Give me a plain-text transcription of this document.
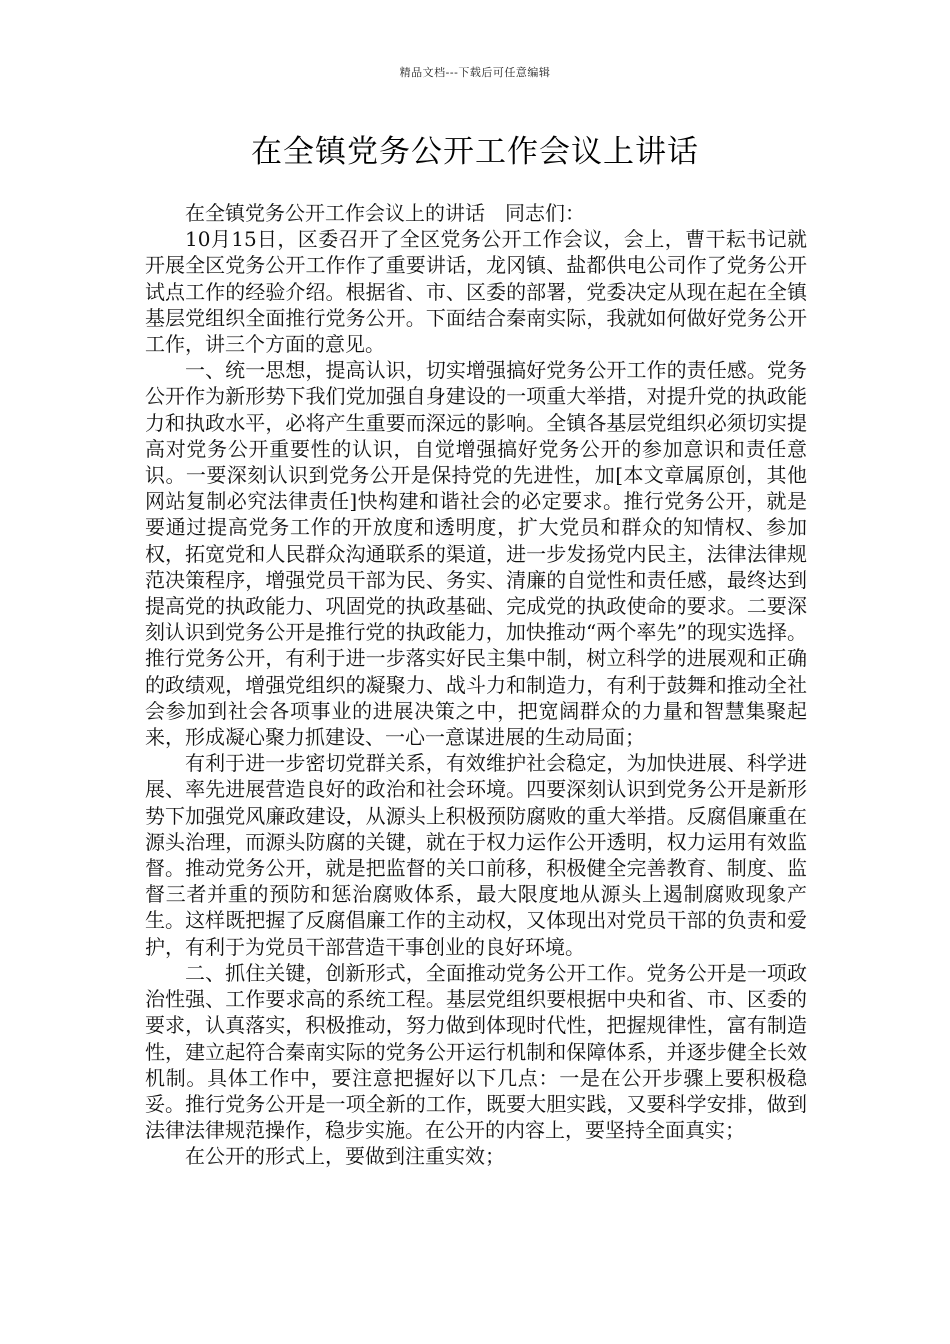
精品文档---下载后可任意编辑
在全镇党务公开工作会议上讲话

在全镇党务公开工作会议上的讲话　同志们：

10月15日，区委召开了全区党务公开工作会议，会上，曹干耘书记就开展全区党务公开工作作了重要讲话，龙冈镇、盐都供电公司作了党务公开试点工作的经验介绍。根据省、市、区委的部署，党委决定从现在起在全镇基层党组织全面推行党务公开。下面结合秦南实际，我就如何做好党务公开工作，讲三个方面的意见。

一、统一思想，提高认识，切实增强搞好党务公开工作的责任感。党务公开作为新形势下我们党加强自身建设的一项重大举措，对提升党的执政能力和执政水平，必将产生重要而深远的影响。全镇各基层党组织必须切实提高对党务公开重要性的认识，自觉增强搞好党务公开的参加意识和责任意识。一要深刻认识到党务公开是保持党的先进性，加[本文章属原创，其他网站复制必究法律责任]快构建和谐社会的必定要求。推行党务公开，就是要通过提高党务工作的开放度和透明度，扩大党员和群众的知情权、参加权，拓宽党和人民群众沟通联系的渠道，进一步发扬党内民主，法律法律规范决策程序，增强党员干部为民、务实、清廉的自觉性和责任感，最终达到提高党的执政能力、巩固党的执政基础、完成党的执政使命的要求。二要深刻认识到党务公开是推行党的执政能力，加快推动“两个率先”的现实选择。推行党务公开，有利于进一步落实好民主集中制，树立科学的进展观和正确的政绩观，增强党组织的凝聚力、战斗力和制造力，有利于鼓舞和推动全社会参加到社会各项事业的进展决策之中，把宽阔群众的力量和智慧集聚起来，形成凝心聚力抓建设、一心一意谋进展的生动局面；

有利于进一步密切党群关系，有效维护社会稳定，为加快进展、科学进展、率先进展营造良好的政治和社会环境。四要深刻认识到党务公开是新形势下加强党风廉政建设，从源头上积极预防腐败的重大举措。反腐倡廉重在源头治理，而源头防腐的关键，就在于权力运作公开透明，权力运用有效监督。推动党务公开，就是把监督的关口前移，积极健全完善教育、制度、监督三者并重的预防和惩治腐败体系，最大限度地从源头上遏制腐败现象产生。这样既把握了反腐倡廉工作的主动权，又体现出对党员干部的负责和爱护，有利于为党员干部营造干事创业的良好环境。

二、抓住关键，创新形式，全面推动党务公开工作。党务公开是一项政治性强、工作要求高的系统工程。基层党组织要根据中央和省、市、区委的要求，认真落实，积极推动，努力做到体现时代性，把握规律性，富有制造性，建立起符合秦南实际的党务公开运行机制和保障体系，并逐步健全长效机制。具体工作中，要注意把握好以下几点：一是在公开步骤上要积极稳妥。推行党务公开是一项全新的工作，既要大胆实践，又要科学安排，做到法律法律规范操作，稳步实施。在公开的内容上，要坚持全面真实；

在公开的形式上，要做到注重实效；
